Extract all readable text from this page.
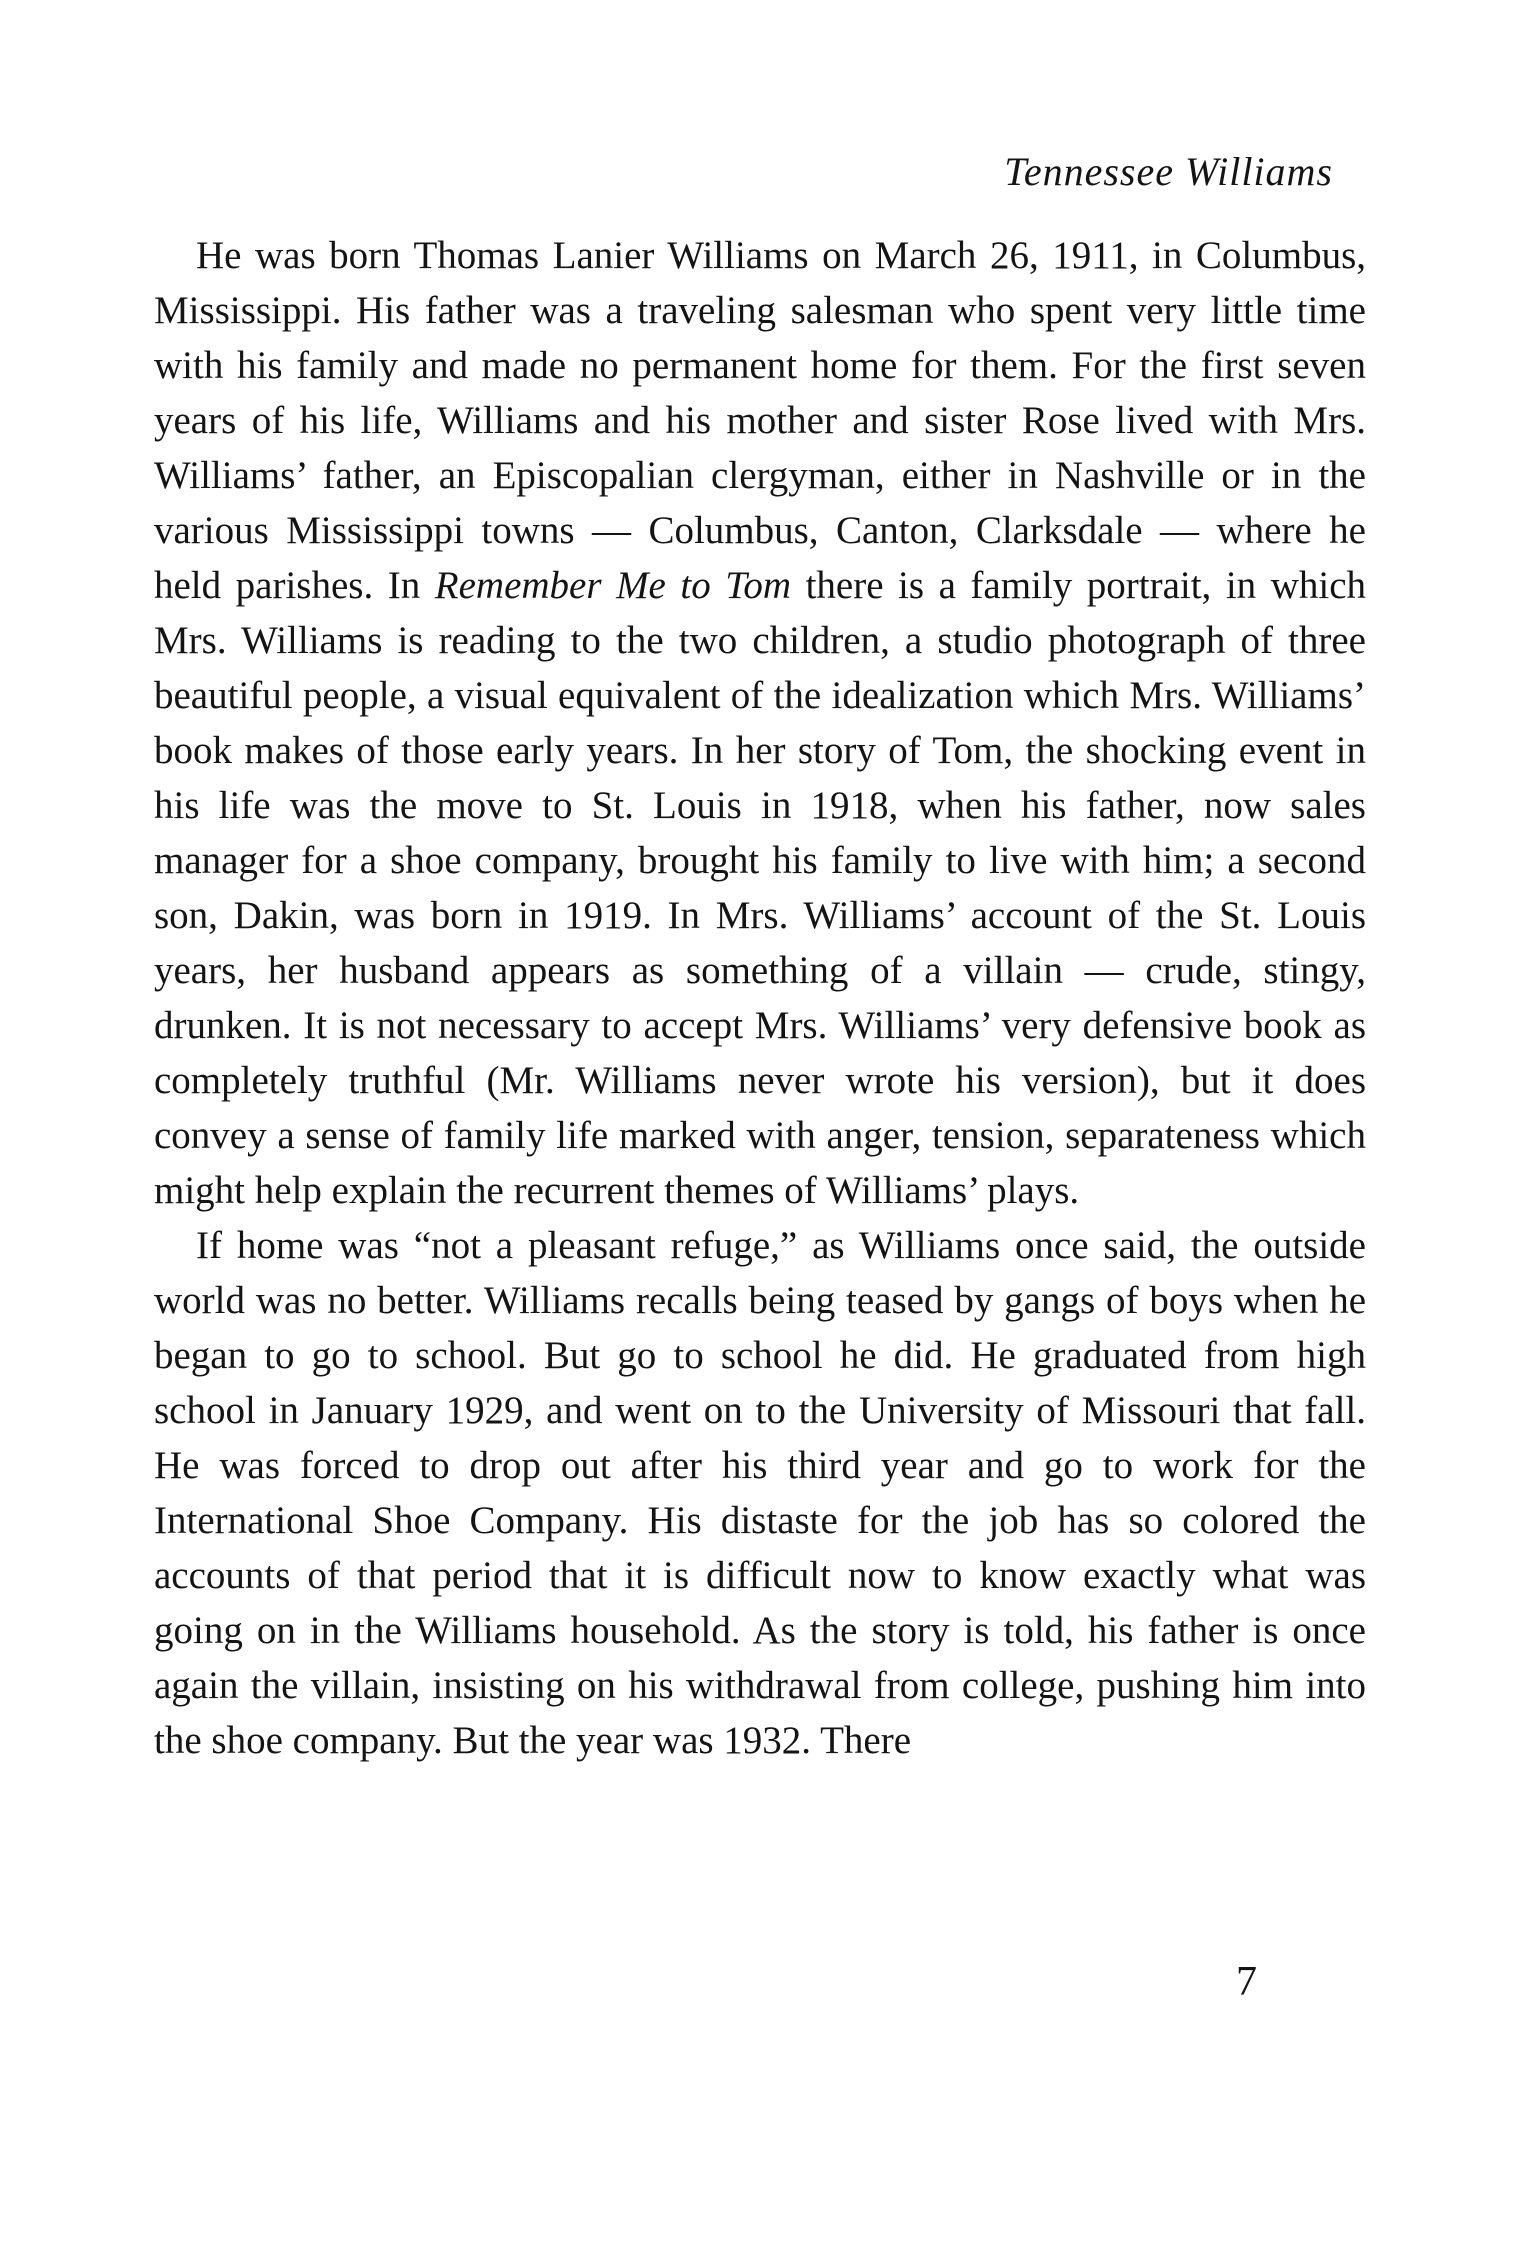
Tennessee Williams

He was born Thomas Lanier Williams on March 26, 1911, in Columbus, Mississippi. His father was a traveling salesman who spent very little time with his family and made no permanent home for them. For the first seven years of his life, Williams and his mother and sister Rose lived with Mrs. Williams’ father, an Episcopalian clergyman, either in Nashville or in the various Mississippi towns — Columbus, Canton, Clarksdale — where he held parishes. In Remember Me to Tom there is a family portrait, in which Mrs. Williams is reading to the two children, a studio photograph of three beautiful people, a visual equivalent of the idealization which Mrs. Williams’ book makes of those early years. In her story of Tom, the shocking event in his life was the move to St. Louis in 1918, when his father, now sales manager for a shoe company, brought his family to live with him; a second son, Dakin, was born in 1919. In Mrs. Williams’ account of the St. Louis years, her husband appears as something of a villain — crude, stingy, drunken. It is not necessary to accept Mrs. Williams’ very defensive book as completely truthful (Mr. Williams never wrote his version), but it does convey a sense of family life marked with anger, tension, separateness which might help explain the recurrent themes of Williams’ plays.

If home was “not a pleasant refuge,” as Williams once said, the outside world was no better. Williams recalls being teased by gangs of boys when he began to go to school. But go to school he did. He graduated from high school in January 1929, and went on to the University of Missouri that fall. He was forced to drop out after his third year and go to work for the International Shoe Company. His distaste for the job has so colored the accounts of that period that it is difficult now to know exactly what was going on in the Williams household. As the story is told, his father is once again the villain, insisting on his withdrawal from college, pushing him into the shoe company. But the year was 1932. There

7
